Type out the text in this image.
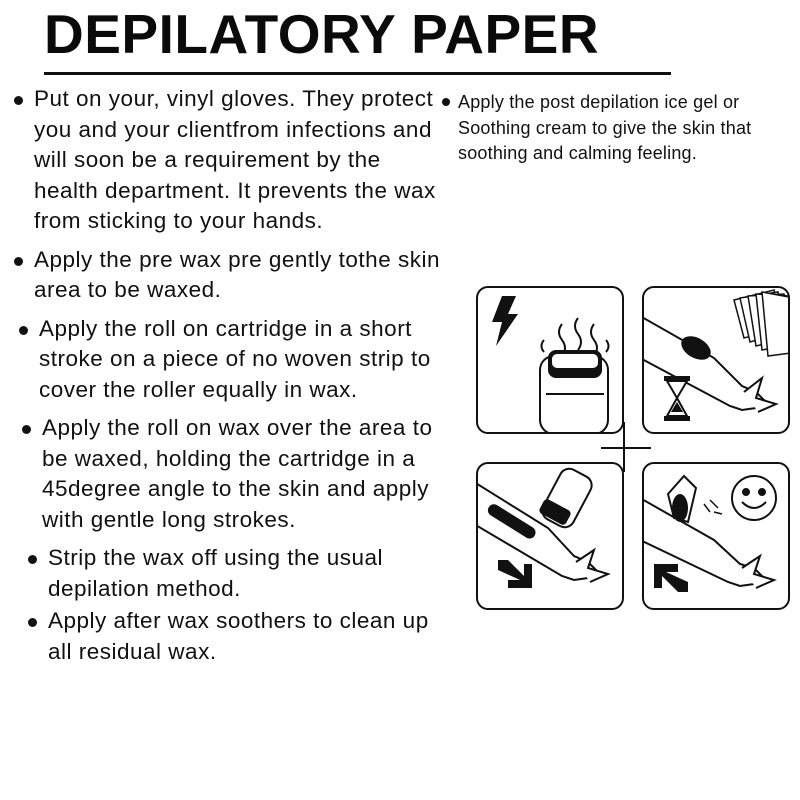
DEPILATORY PAPER
Put on your, vinyl gloves. They protect you and your clientfrom infections and will soon be a requirement by the health department. It prevents the wax from sticking to your hands.
Apply the pre wax pre gently tothe skin area to be waxed.
Apply the roll on cartridge in a short stroke on a piece of no woven strip to cover the roller equally in wax.
Apply the roll on wax over the area to be waxed, holding the cartridge in a 45degree angle to the skin and apply with gentle long strokes.
Strip the wax off using the usual depilation method.
Apply after wax soothers to clean up all residual wax.
Apply the post depilation ice gel or Soothing cream to give the skin that soothing and calming feeling.
